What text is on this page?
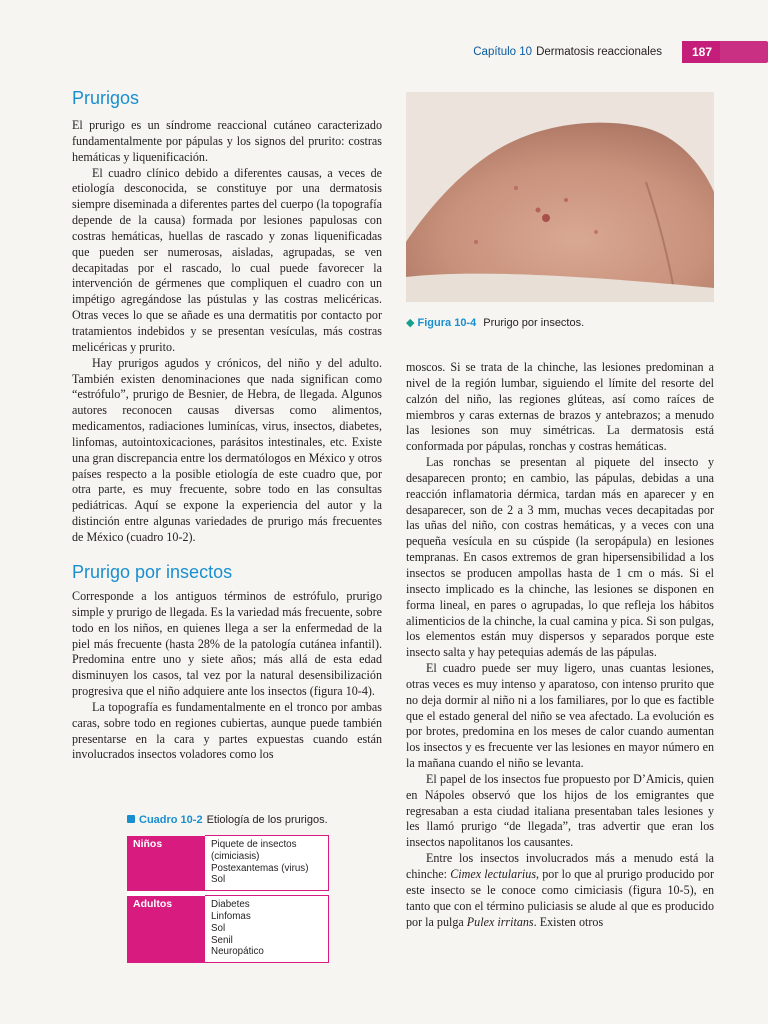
Capítulo 10 Dermatosis reaccionales	187
Prurigos

El prurigo es un síndrome reaccional cutáneo caracterizado fundamentalmente por pápulas y los signos del prurito: costras hemáticas y liquenificación.

El cuadro clínico debido a diferentes causas, a veces de etiología desconocida, se constituye por una dermatosis siempre diseminada a diferentes partes del cuerpo (la topografía depende de la causa) formada por lesiones papulosas con costras hemáticas, huellas de rascado y zonas liquenificadas que pueden ser numerosas, aisladas, agrupadas, se ven decapitadas por el rascado, lo cual puede favorecer la intervención de gérmenes que compliquen el cuadro con un impétigo agregándose las pústulas y las costras melicéricas. Otras veces lo que se añade es una dermatitis por contacto por tratamientos indebidos y se presentan vesículas, más costras melicéricas y prurito.

Hay prurigos agudos y crónicos, del niño y del adulto. También existen denominaciones que nada significan como “estrófulo”, prurigo de Besnier, de Hebra, de llegada. Algunos autores reconocen causas diversas como alimentos, medicamentos, radiaciones luminícas, virus, insectos, diabetes, linfomas, autointoxicaciones, parásitos intestinales, etc. Existe una gran discrepancia entre los dermatólogos en México y otros países respecto a la posible etiología de este cuadro que, por otra parte, es muy frecuente, sobre todo en las consultas pediátricas. Aquí se expone la experiencia del autor y la distinción entre algunas variedades de prurigo más frecuentes de México (cuadro 10-2).

Prurigo por insectos

Corresponde a los antiguos términos de estrófulo, prurigo simple y prurigo de llegada. Es la variedad más frecuente, sobre todo en los niños, en quienes llega a ser la enfermedad de la piel más frecuente (hasta 28% de la patología cutánea infantil). Predomina entre uno y siete años; más allá de esta edad disminuyen los casos, tal vez por la natural desensibilización progresiva que el niño adquiere ante los insectos (figura 10-4).

La topografía es fundamentalmente en el tronco por ambas caras, sobre todo en regiones cubiertas, aunque puede también presentarse en la cara y partes expuestas cuando están involucrados insectos voladores como los

◆ Figura 10-4 Prurigo por insectos.

moscos. Si se trata de la chinche, las lesiones predominan a nivel de la región lumbar, siguiendo el límite del resorte del calzón del niño, las regiones glúteas, así como raíces de miembros y caras externas de brazos y antebrazos; a menudo las lesiones son muy simétricas. La dermatosis está conformada por pápulas, ronchas y costras hemáticas.

Las ronchas se presentan al piquete del insecto y desaparecen pronto; en cambio, las pápulas, debidas a una reacción inflamatoria dérmica, tardan más en aparecer y en desaparecer, son de 2 a 3 mm, muchas veces decapitadas por las uñas del niño, con costras hemáticas, y a veces con una pequeña vesícula en su cúspide (la seropápula) en lesiones tempranas. En casos extremos de gran hipersensibilidad a los insectos se producen ampollas hasta de 1 cm o más. Si el insecto implicado es la chinche, las lesiones se disponen en forma lineal, en pares o agrupadas, lo que refleja los hábitos alimenticios de la chinche, la cual camina y pica. Si son pulgas, los elementos están muy dispersos y separados porque este insecto salta y hay petequias además de las pápulas.

El cuadro puede ser muy ligero, unas cuantas lesiones, otras veces es muy intenso y aparatoso, con intenso prurito que no deja dormir al niño ni a los familiares, por lo que es factible que el estado general del niño se vea afectado. La evolución es por brotes, predomina en los meses de calor cuando aumentan los insectos y es frecuente ver las lesiones en mayor número en la mañana cuando el niño se levanta.

El papel de los insectos fue propuesto por D’Amicis, quien en Nápoles observó que los hijos de los emigrantes que regresaban a esta ciudad italiana presentaban tales lesiones y les llamó prurigo “de llegada”, tras advertir que eran los insectos napolitanos los causantes.

Entre los insectos involucrados más a menudo está la chinche: Cimex lectularius, por lo que al prurigo producido por este insecto se le conoce como cimiciasis (figura 10-5), en tanto que con el término puliciasis se alude al que es producido por la pulga Pulex irritans. Existen otros

Cuadro 10-2 Etiología de los prurigos.
Niños	Piquete de insectos
(cimiciasis)
Postexantemas (virus)
Sol

Adultos	Diabetes
Linfomas
Sol
Senil
Neuropático
